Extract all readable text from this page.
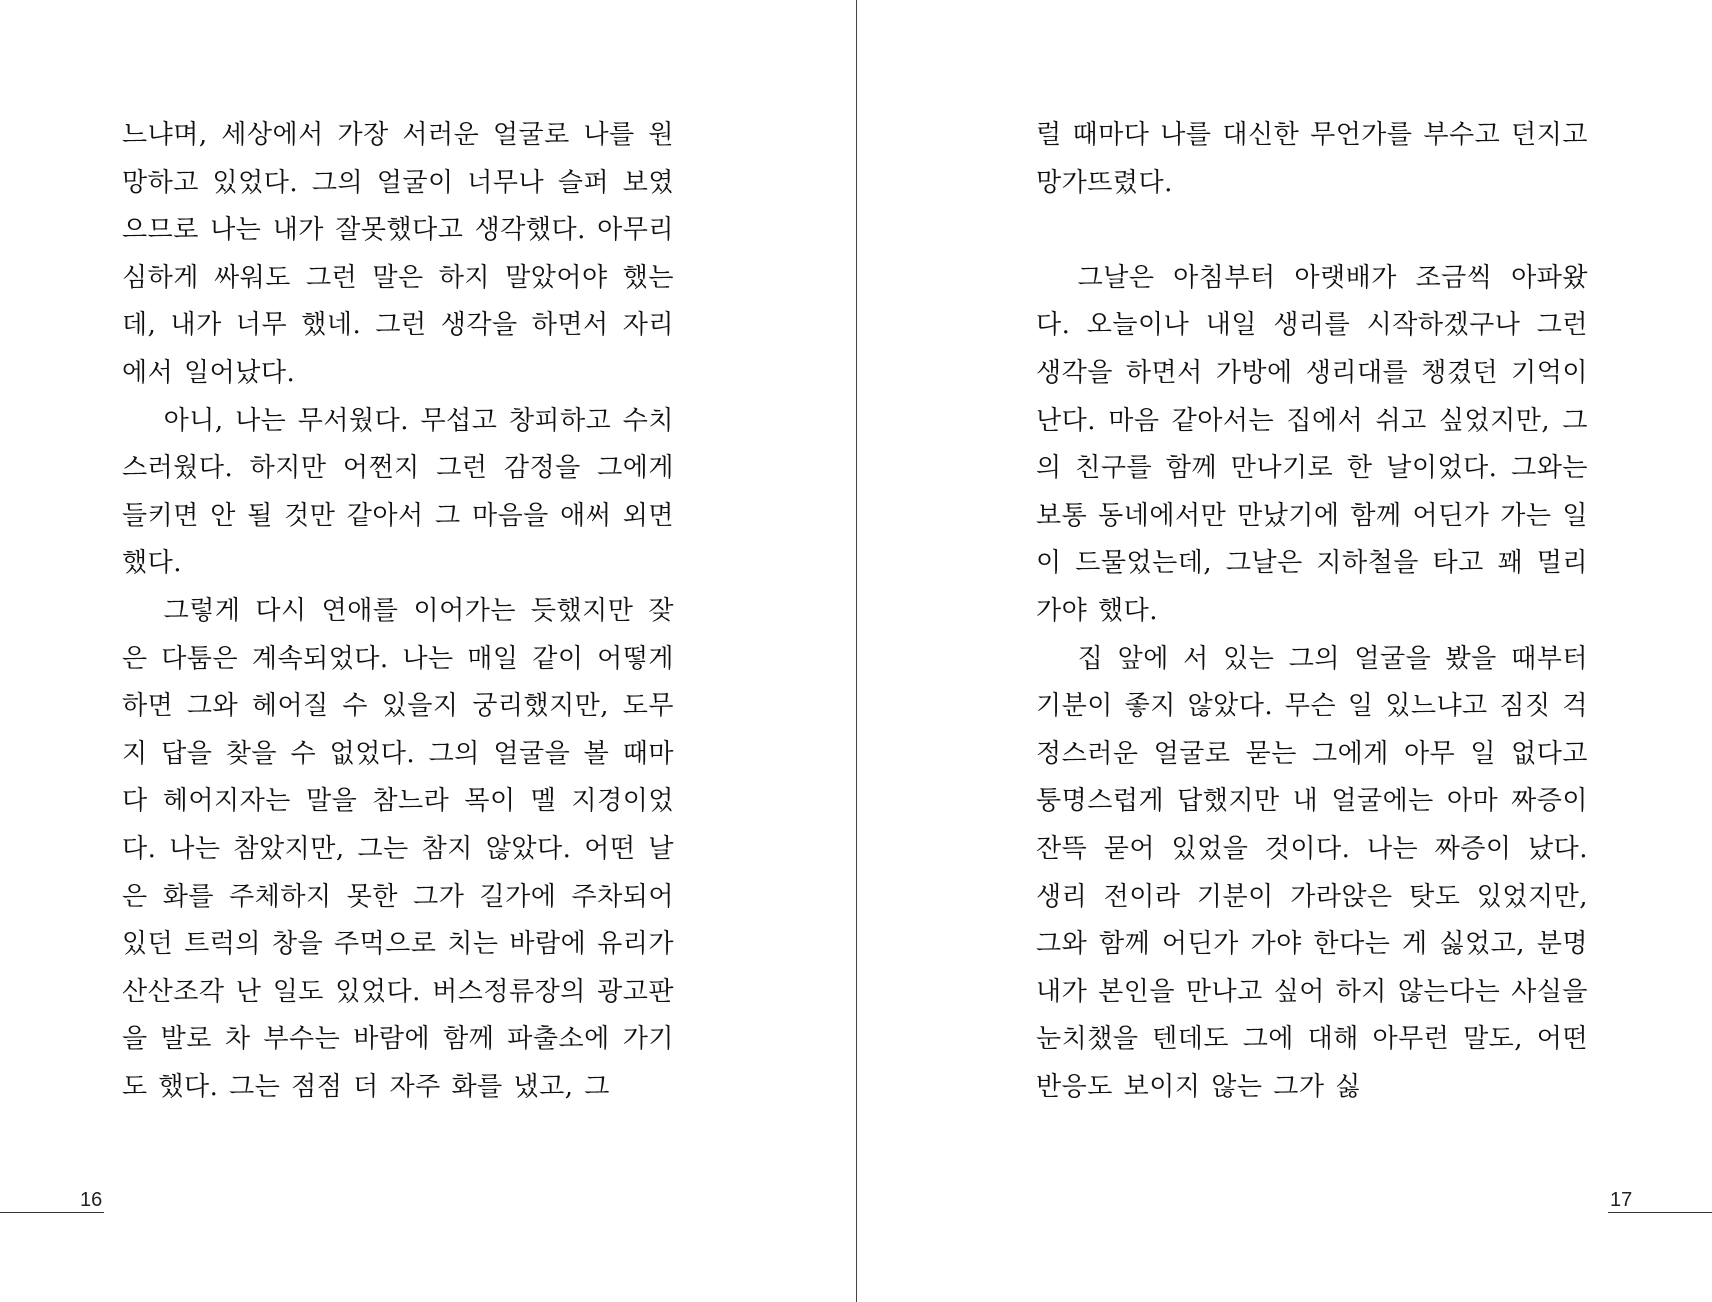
느냐며, 세상에서 가장 서러운 얼굴로 나를 원망하고 있었다. 그의 얼굴이 너무나 슬퍼 보였으므로 나는 내가 잘못했다고 생각했다. 아무리 심하게 싸워도 그런 말은 하지 말았어야 했는데, 내가 너무 했네. 그런 생각을 하면서 자리에서 일어났다.

아니, 나는 무서웠다. 무섭고 창피하고 수치스러웠다. 하지만 어쩐지 그런 감정을 그에게 들키면 안 될 것만 같아서 그 마음을 애써 외면했다.

그렇게 다시 연애를 이어가는 듯했지만 잦은 다툼은 계속되었다. 나는 매일 같이 어떻게 하면 그와 헤어질 수 있을지 궁리했지만, 도무지 답을 찾을 수 없었다. 그의 얼굴을 볼 때마다 헤어지자는 말을 참느라 목이 멜 지경이었다. 나는 참았지만, 그는 참지 않았다. 어떤 날은 화를 주체하지 못한 그가 길가에 주차되어 있던 트럭의 창을 주먹으로 치는 바람에 유리가 산산조각 난 일도 있었다. 버스정류장의 광고판을 발로 차 부수는 바람에 함께 파출소에 가기도 했다. 그는 점점 더 자주 화를 냈고, 그

럴 때마다 나를 대신한 무언가를 부수고 던지고 망가뜨렸다.

그날은 아침부터 아랫배가 조금씩 아파왔다. 오늘이나 내일 생리를 시작하겠구나 그런 생각을 하면서 가방에 생리대를 챙겼던 기억이 난다. 마음 같아서는 집에서 쉬고 싶었지만, 그의 친구를 함께 만나기로 한 날이었다. 그와는 보통 동네에서만 만났기에 함께 어딘가 가는 일이 드물었는데, 그날은 지하철을 타고 꽤 멀리 가야 했다.

집 앞에 서 있는 그의 얼굴을 봤을 때부터 기분이 좋지 않았다. 무슨 일 있느냐고 짐짓 걱정스러운 얼굴로 묻는 그에게 아무 일 없다고 퉁명스럽게 답했지만 내 얼굴에는 아마 짜증이 잔뜩 묻어 있었을 것이다. 나는 짜증이 났다. 생리 전이라 기분이 가라앉은 탓도 있었지만, 그와 함께 어딘가 가야 한다는 게 싫었고, 분명 내가 본인을 만나고 싶어 하지 않는다는 사실을 눈치챘을 텐데도 그에 대해 아무런 말도, 어떤 반응도 보이지 않는 그가 싫

16	17
